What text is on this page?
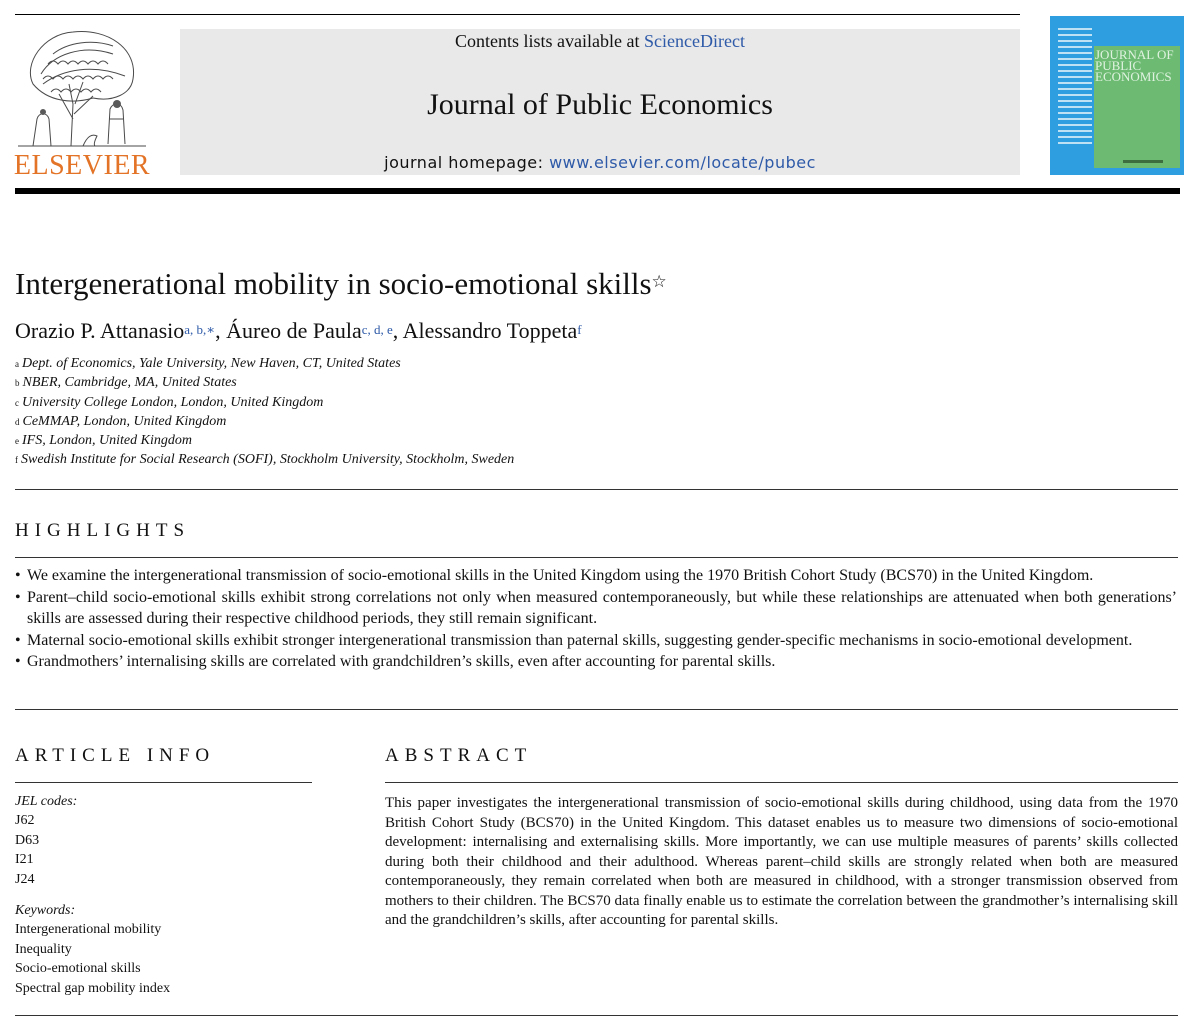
ELSEVIER
Contents lists available at ScienceDirect
Journal of Public Economics
journal homepage: www.elsevier.com/locate/pubec
JOURNAL OF PUBLIC ECONOMICS
Intergenerational mobility in socio-emotional skills☆
Orazio P. Attanasio$^{a, b,∗}$, Áureo de Paula$^{c, d, e}$, Alessandro Toppeta$^f$
$^a$ Dept. of Economics, Yale University, New Haven, CT, United States
$^b$ NBER, Cambridge, MA, United States
$^c$ University College London, London, United Kingdom
$^d$ CeMMAP, London, United Kingdom
$^e$ IFS, London, United Kingdom
$^f$ Swedish Institute for Social Research (SOFI), Stockholm University, Stockholm, Sweden
HIGHLIGHTS
• We examine the intergenerational transmission of socio-emotional skills in the United Kingdom using the 1970 British Cohort Study (BCS70) in the United Kingdom.
• Parent–child socio-emotional skills exhibit strong correlations not only when measured contemporaneously, but while these relationships are attenuated when both generations’ skills are assessed during their respective childhood periods, they still remain significant.
• Maternal socio-emotional skills exhibit stronger intergenerational transmission than paternal skills, suggesting gender-specific mechanisms in socio-emotional development.
• Grandmothers’ internalising skills are correlated with grandchildren’s skills, even after accounting for parental skills.
ARTICLE INFO
JEL codes:
J62
D63
I21
J24
Keywords:
Intergenerational mobility
Inequality
Socio-emotional skills
Spectral gap mobility index
ABSTRACT
This paper investigates the intergenerational transmission of socio-emotional skills during childhood, using data from the 1970 British Cohort Study (BCS70) in the United Kingdom. This dataset enables us to measure two dimensions of socio-emotional development: internalising and externalising skills. More importantly, we can use multiple measures of parents’ skills collected during both their childhood and their adulthood. Whereas parent–child skills are strongly related when both are measured contemporaneously, they remain correlated when both are measured in childhood, with a stronger transmission observed from mothers to their children. The BCS70 data finally enable us to estimate the correlation between the grandmother’s internalising skill and the grandchildren’s skills, after accounting for parental skills.
